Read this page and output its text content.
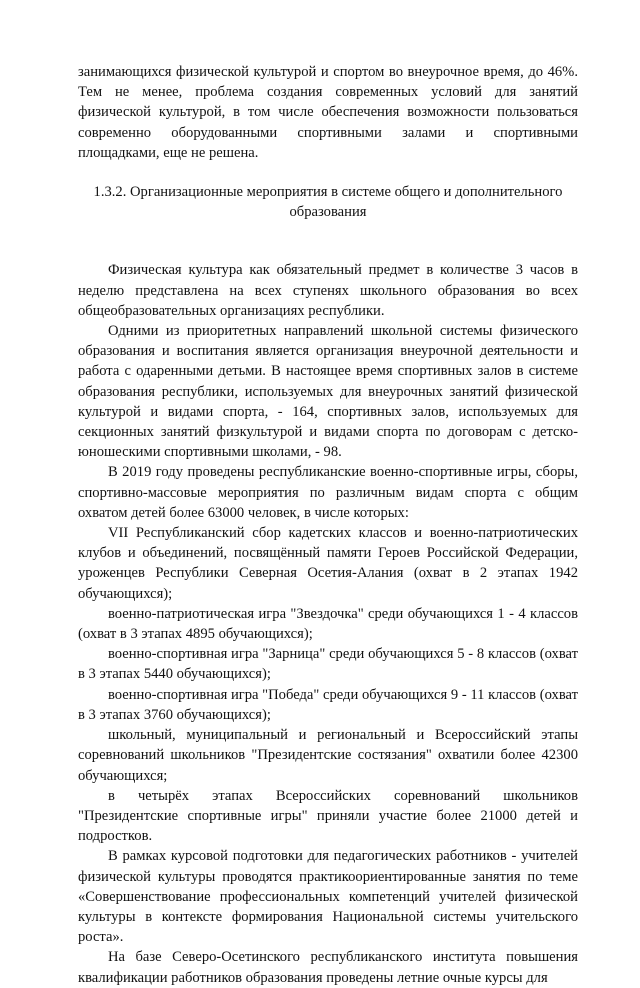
занимающихся физической культурой и спортом во внеурочное время, до 46%. Тем не менее, проблема создания современных условий для занятий физической культурой, в том числе обеспечения возможности пользоваться современно оборудованными спортивными залами и спортивными площадками, еще не решена.

1.3.2. Организационные мероприятия в системе общего и дополнительного
образования

Физическая культура как обязательный предмет в количестве 3 часов в неделю представлена на всех ступенях школьного образования во всех общеобразовательных организациях республики.

Одними из приоритетных направлений школьной системы физического образования и воспитания является организация внеурочной деятельности и работа с одаренными детьми. В настоящее время спортивных залов в системе образования республики, используемых для внеурочных занятий физической культурой и видами спорта, - 164, спортивных залов, используемых для секционных занятий физкультурой и видами спорта по договорам с детско-юношескими спортивными школами, - 98.

В 2019 году проведены республиканские военно-спортивные игры, сборы, спортивно-массовые мероприятия по различным видам спорта с общим охватом детей более 63000 человек, в числе которых:

VII Республиканский сбор кадетских классов и военно-патриотических клубов и объединений, посвящённый памяти Героев Российской Федерации, уроженцев Республики Северная Осетия-Алания (охват в 2 этапах 1942 обучающихся);

военно-патриотическая игра "Звездочка" среди обучающихся 1 - 4 классов (охват в 3 этапах 4895 обучающихся);

военно-спортивная игра "Зарница" среди обучающихся 5 - 8 классов (охват в 3 этапах 5440 обучающихся);

военно-спортивная игра "Победа" среди обучающихся 9 - 11 классов (охват в 3 этапах 3760 обучающихся);

школьный, муниципальный и региональный и Всероссийский этапы соревнований школьников "Президентские состязания" охватили более 42300 обучающихся;

в четырёх этапах Всероссийских соревнований школьников "Президентские спортивные игры" приняли участие более 21000 детей и подростков.

В рамках курсовой подготовки для педагогических работников - учителей физической культуры проводятся практикоориентированные занятия по теме «Совершенствование профессиональных компетенций учителей физической культуры в контексте формирования Национальной системы учительского роста».

На базе Северо-Осетинского республиканского института повышения квалификации работников образования проведены летние очные курсы для
